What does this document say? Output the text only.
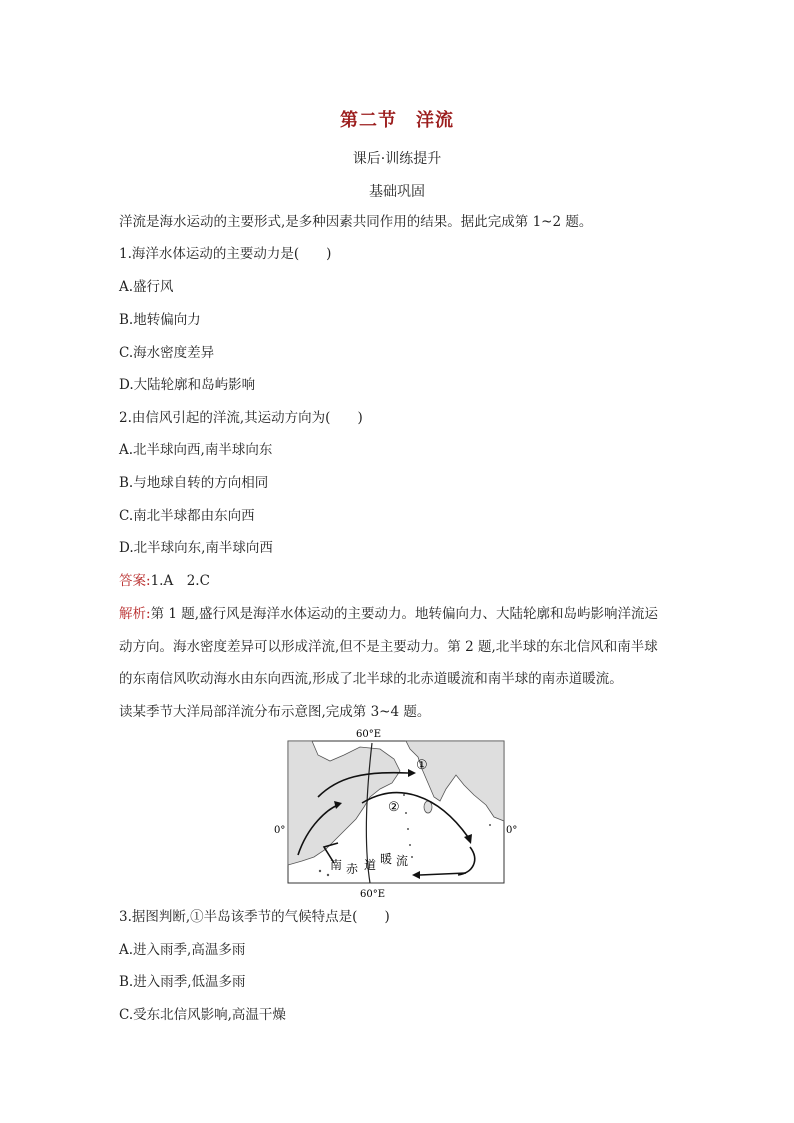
第二节　洋流
课后·训练提升
基础巩固
洋流是海水运动的主要形式,是多种因素共同作用的结果。据此完成第 1~2 题。
1.海洋水体运动的主要动力是(　　)
A.盛行风
B.地转偏向力
C.海水密度差异
D.大陆轮廓和岛屿影响
2.由信风引起的洋流,其运动方向为(　　)
A.北半球向西,南半球向东
B.与地球自转的方向相同
C.南北半球都由东向西
D.北半球向东,南半球向西
答案:1.A　2.C
解析:第 1 题,盛行风是海洋水体运动的主要动力。地转偏向力、大陆轮廓和岛屿影响洋流运
动方向。海水密度差异可以形成洋流,但不是主要动力。第 2 题,北半球的东北信风和南半球
的东南信风吹动海水由东向西流,形成了北半球的北赤道暖流和南半球的南赤道暖流。
读某季节大洋局部洋流分布示意图,完成第 3~4 题。
60°E
60°E
0°	0°
①
②
南 赤 道 暖 流
3.据图判断,①半岛该季节的气候特点是(　　)
A.进入雨季,高温多雨
B.进入雨季,低温多雨
C.受东北信风影响,高温干燥
